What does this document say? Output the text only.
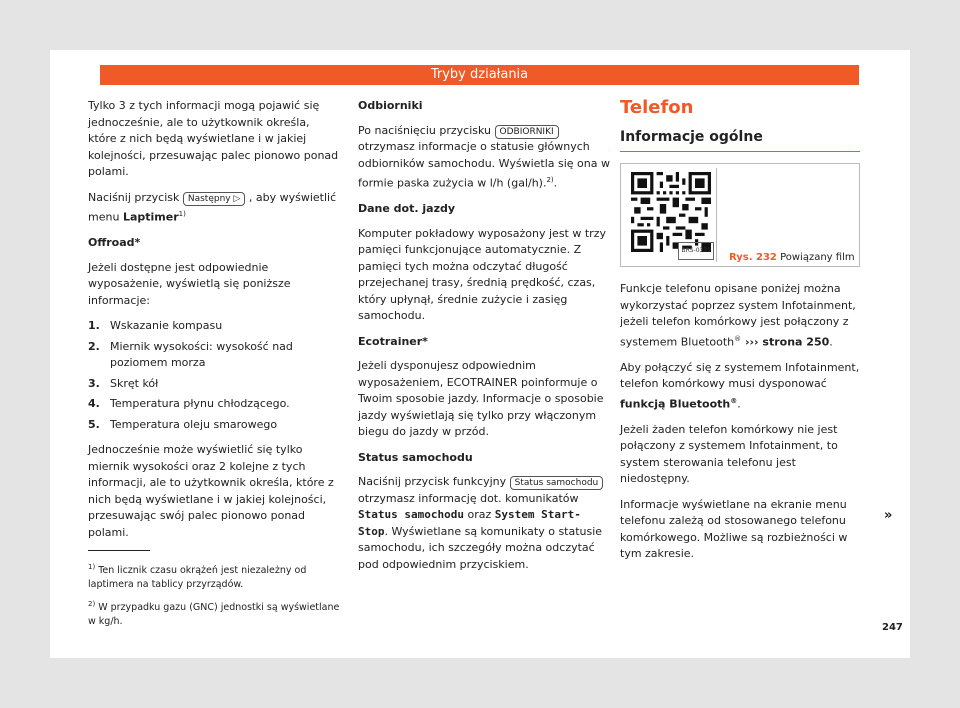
Tryby działania

Tylko 3 z tych informacji mogą pojawić się jednocześnie, ale to użytkownik określa, które z nich będą wyświetlane i w jakiej kolejności, przesuwając palec pionowo ponad polami.

Naciśnij przycisk Następny ▷ , aby wyświetlić menu Laptimer$^{1)}$

Offroad*

Jeżeli dostępne jest odpowiednie wyposażenie, wyświetlą się poniższe informacje:

1. Wskazanie kompasu
2. Miernik wysokości: wysokość nad poziomem morza
3. Skręt kół
4. Temperatura płynu chłodzącego.
5. Temperatura oleju smarowego

Jednocześnie może wyświetlić się tylko miernik wysokości oraz 2 kolejne z tych informacji, ale to użytkownik określa, które z nich będą wyświetlane i w jakiej kolejności, przesuwając swój palec pionowo ponad polami.

$^{1)}$ Ten licznik czasu okrążeń jest niezależny od laptimera na tablicy przyrządów.

$^{2)}$ W przypadku gazu (GNC) jednostki są wyświetlane w kg/h.

Odbiorniki

Po naciśnięciu przycisku ODBIORNIKI otrzymasz informacje o statusie głównych odbiorników samochodu. Wyświetla się ona w formie paska zużycia w l/h (gal/h).$^{2)}$.

Dane dot. jazdy

Komputer pokładowy wyposażony jest w trzy pamięci funkcjonujące automatycznie. Z pamięci tych można odczytać długość przejechanej trasy, średnią prędkość, czas, który upłynął, średnie zużycie i zasięg samochodu.

Ecotrainer*

Jeżeli dysponujesz odpowiednim wyposażeniem, ECOTRAINER poinformuje o Twoim sposobie jazdy. Informacje o sposobie jazdy wyświetlają się tylko przy włączonym biegu do jazdy w przód.

Status samochodu

Naciśnij przycisk funkcyjny Status samochodu otrzymasz informację dot. komunikatów Status samochodu oraz System Start-Stop. Wyświetlane są komunikaty o statusie samochodu, ich szczegóły można odczytać pod odpowiednim przyciskiem.

Telefon
Informacje ogólne
BRS-0331
Rys. 232 Powiązany film

Funkcje telefonu opisane poniżej można wykorzystać poprzez system Infotainment, jeżeli telefon komórkowy jest połączony z systemem Bluetooth® ››› strona 250.

Aby połączyć się z systemem Infotainment, telefon komórkowy musi dysponować funkcją Bluetooth®.

Jeżeli żaden telefon komórkowy nie jest połączony z systemem Infotainment, to system sterowania telefonu jest niedostępny.

Informacje wyświetlane na ekranie menu telefonu zależą od stosowanego telefonu komórkowego. Możliwe są rozbieżności w tym zakresie.

»
247
